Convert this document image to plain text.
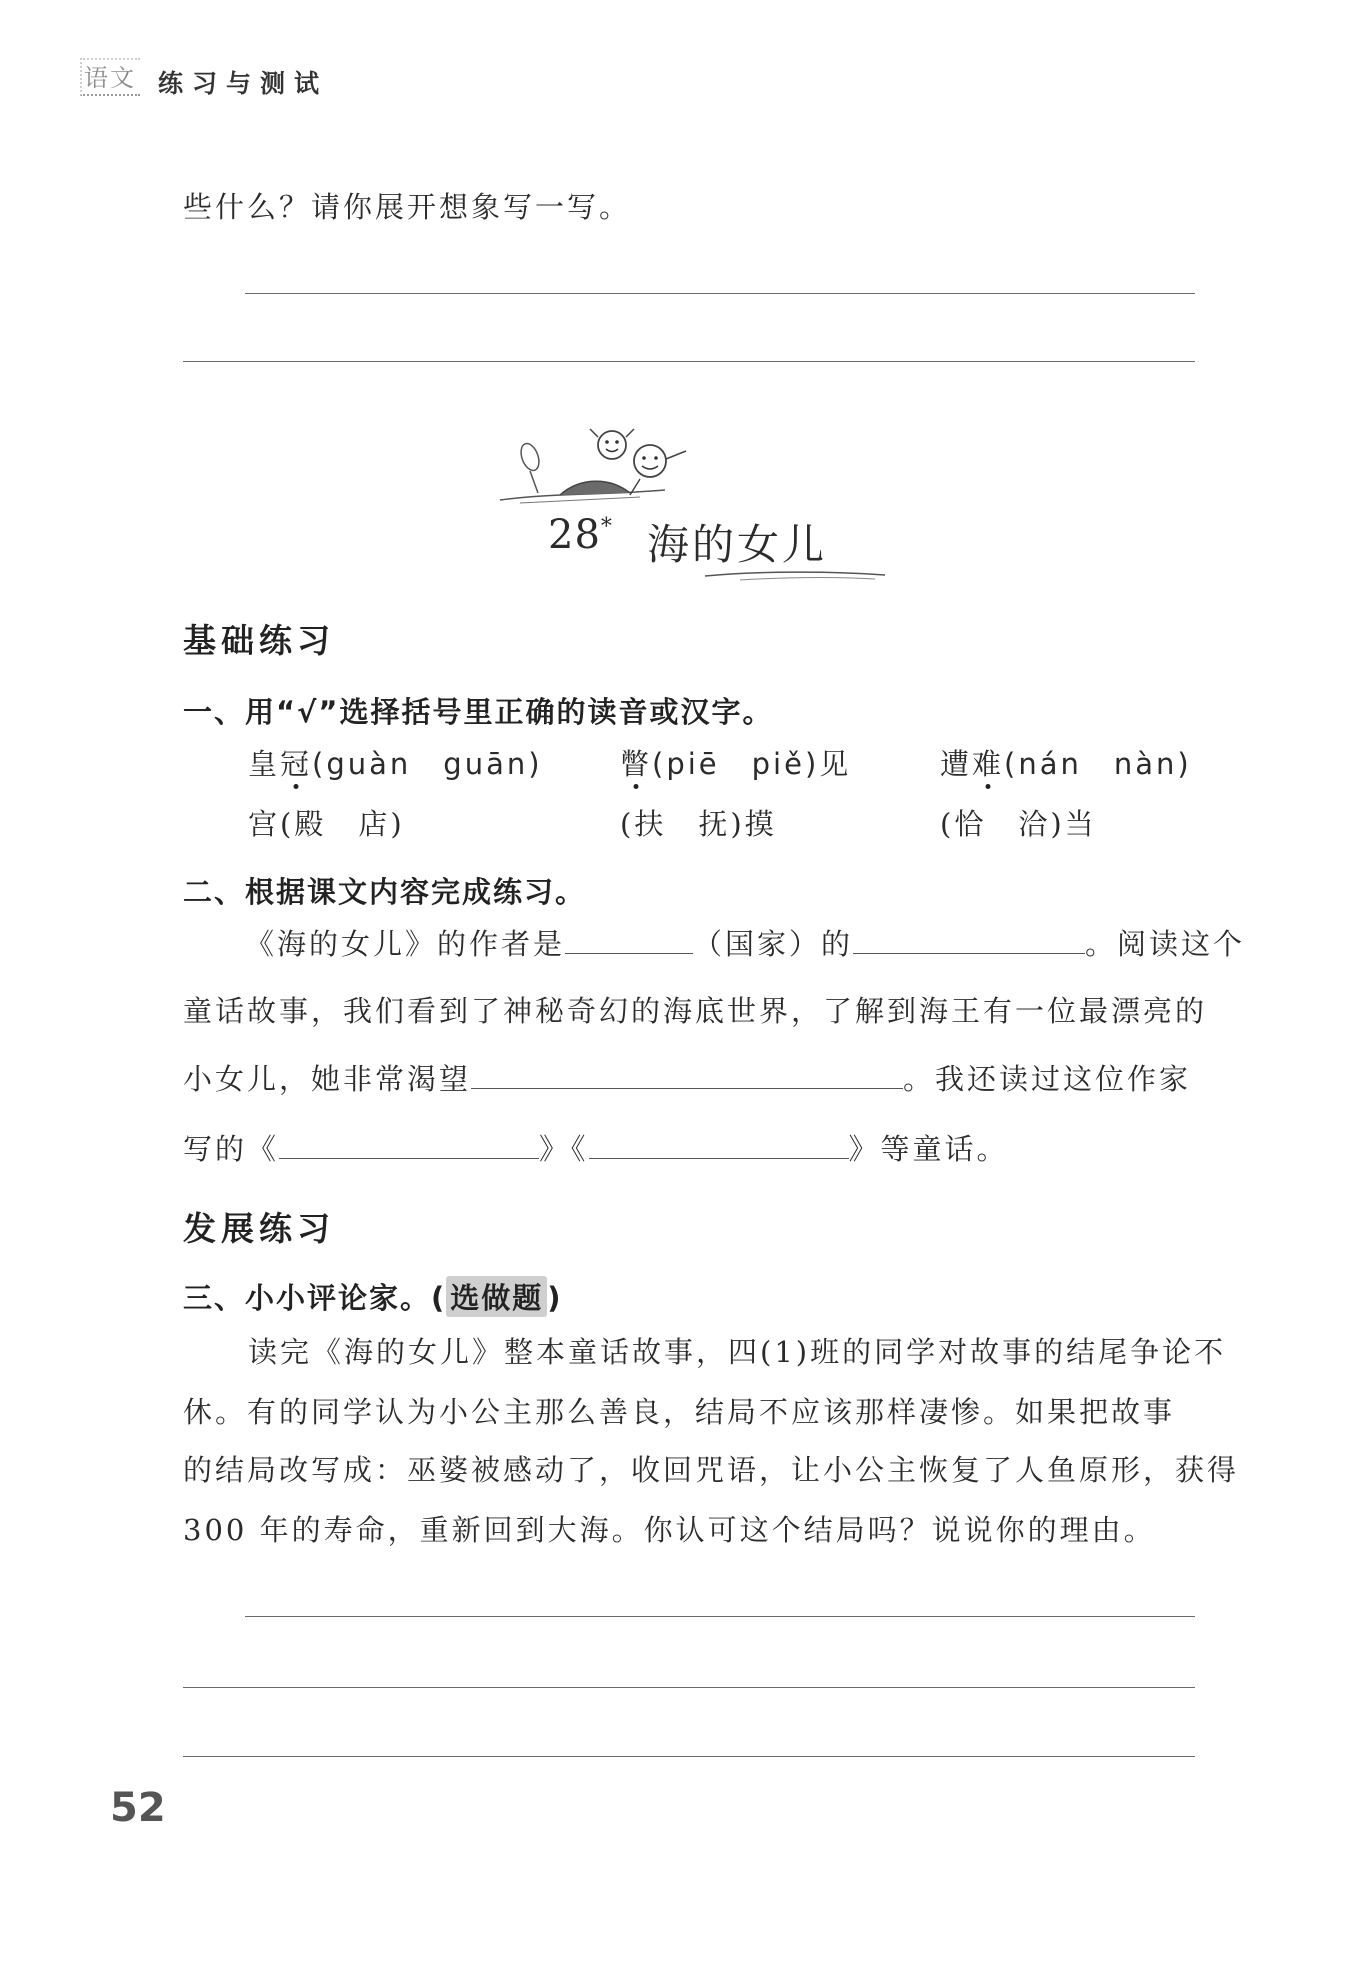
语文 练习与测试
些什么？请你展开想象写一写。
28* 海的女儿
基础练习
一、用“√”选择括号里正确的读音或汉字。
皇冠(guàn　guān)	瞥(piē　piě)见	遭难(nán　nàn)
宫(殿　店)	(扶　抚)摸	(恰　洽)当
二、根据课文内容完成练习。
《海的女儿》的作者是	（国家）的	。阅读这个
童话故事，我们看到了神秘奇幻的海底世界，了解到海王有一位最漂亮的
小女儿，她非常渴望	。我还读过这位作家
写的《	》《	》等童话。
发展练习
三、小小评论家。( 选做题 )
读完《海的女儿》整本童话故事，四(1)班的同学对故事的结尾争论不
休。有的同学认为小公主那么善良，结局不应该那样凄惨。如果把故事
的结局改写成：巫婆被感动了，收回咒语，让小公主恢复了人鱼原形，获得
300 年的寿命，重新回到大海。你认可这个结局吗？说说你的理由。
52
